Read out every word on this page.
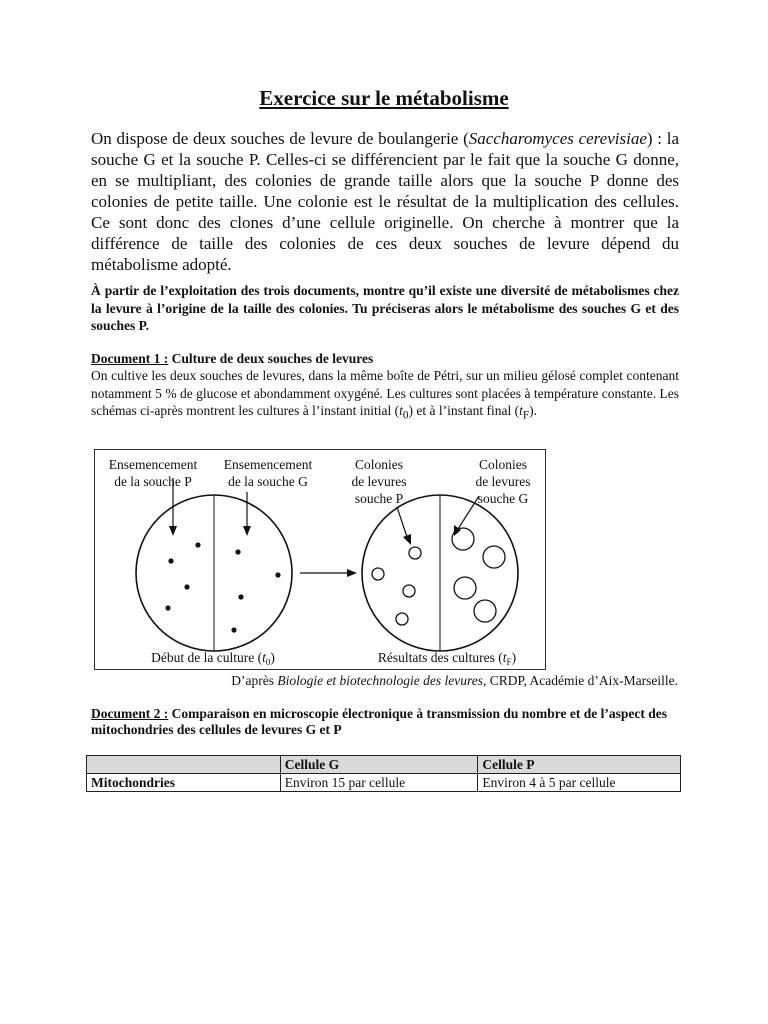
Exercice sur le métabolisme
On dispose de deux souches de levure de boulangerie (Saccharomyces cerevisiae) : la souche G et la souche P. Celles-ci se différencient par le fait que la souche G donne, en se multipliant, des colonies de grande taille alors que la souche P donne des colonies de petite taille. Une colonie est le résultat de la multiplication des cellules. Ce sont donc des clones d’une cellule originelle. On cherche à montrer que la différence de taille des colonies de ces deux souches de levure dépend du métabolisme adopté.
À partir de l’exploitation des trois documents, montre qu’il existe une diversité de métabolismes chez la levure à l’origine de la taille des colonies. Tu préciseras alors le métabolisme des souches G et des souches P.
Document 1 : Culture de deux souches de levures
On cultive les deux souches de levures, dans la même boîte de Pétri, sur un milieu gélosé complet contenant notamment 5 % de glucose et abondamment oxygéné. Les cultures sont placées à température constante. Les schémas ci-après montrent les cultures à l’instant initial $(t_0)$ et à l’instant final $(t_F)$.
Ensemencement
de la souche P
Ensemencement
de la souche G
Colonies
de levures
souche P
Colonies
de levures
souche G
Début de la culture $(t_0)$	Résultats des cultures $(t_F)$
D’après Biologie et biotechnologie des levures, CRDP, Académie d’Aix-Marseille.
Document 2 : Comparaison en microscopie électronique à transmission du nombre et de l’aspect des mitochondries des cellules de levures G et P
	Cellule G	Cellule P
Mitochondries	Environ 15 par cellule	Environ 4 à 5 par cellule
